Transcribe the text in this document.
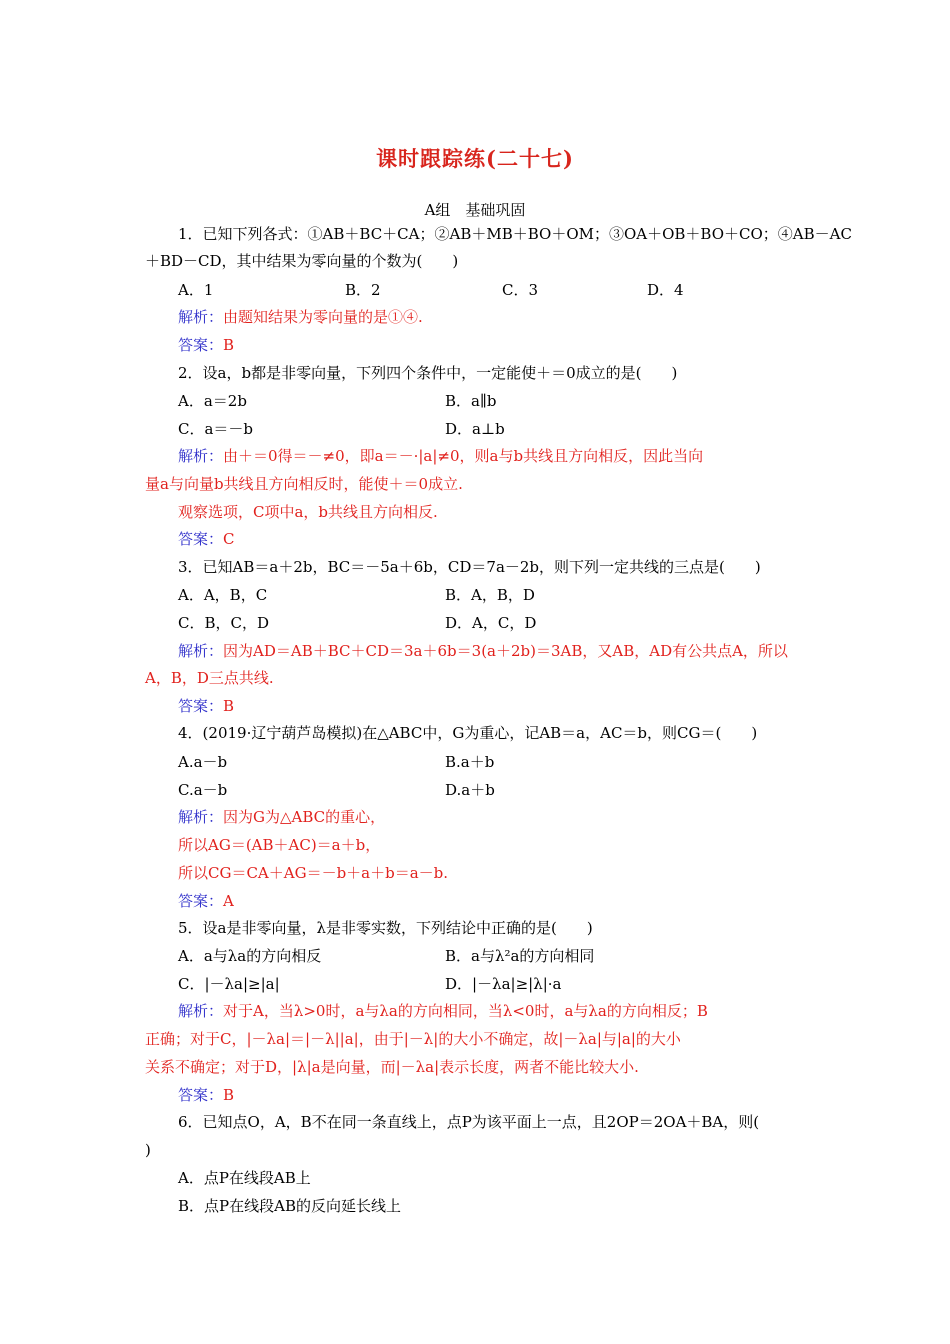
课时跟踪练(二十七)
A组　基础巩固
1．已知下列各式：①AB＋BC＋CA；②AB＋MB＋BO＋OM；③OA＋OB＋BO＋CO；④AB－AC
＋BD－CD，其中结果为零向量的个数为(　　)
A．1	B．2	C．3	D．4
解析：由题知结果为零向量的是①④.
答案：B
2．设a，b都是非零向量，下列四个条件中，一定能使＋＝0成立的是(　　)
A．a＝2b	B．a∥b
C．a＝－b	D．a⊥b
解析：由＋＝0得＝－≠0，即a＝－·|a|≠0，则a与b共线且方向相反，因此当向
量a与向量b共线且方向相反时，能使＋＝0成立.
观察选项，C项中a，b共线且方向相反.
答案：C
3．已知AB＝a＋2b，BC＝－5a＋6b，CD＝7a－2b，则下列一定共线的三点是(　　)
A．A，B，C	B．A，B，D
C．B，C，D	D．A，C，D
解析：因为AD＝AB＋BC＋CD＝3a＋6b＝3(a＋2b)＝3AB，又AB，AD有公共点A，所以
A，B，D三点共线.
答案：B
4．(2019·辽宁葫芦岛模拟)在△ABC中，G为重心，记AB＝a，AC＝b，则CG＝(　　)
A.a－b	B.a＋b
C.a－b	D.a＋b
解析：因为G为△ABC的重心，
所以AG＝(AB＋AC)＝a＋b，
所以CG＝CA＋AG＝－b＋a＋b＝a－b.
答案：A
5．设a是非零向量，λ是非零实数，下列结论中正确的是(　　)
A．a与λa的方向相反	B．a与λ²a的方向相同
C．|－λa|≥|a|	D．|－λa|≥|λ|·a
解析：对于A，当λ>0时，a与λa的方向相同，当λ<0时，a与λa的方向相反；B
正确；对于C，|－λa|＝|－λ||a|，由于|－λ|的大小不确定，故|－λa|与|a|的大小
关系不确定；对于D，|λ|a是向量，而|－λa|表示长度，两者不能比较大小.
答案：B
6．已知点O，A，B不在同一条直线上，点P为该平面上一点，且2OP＝2OA＋BA，则(
)
A．点P在线段AB上
B．点P在线段AB的反向延长线上
